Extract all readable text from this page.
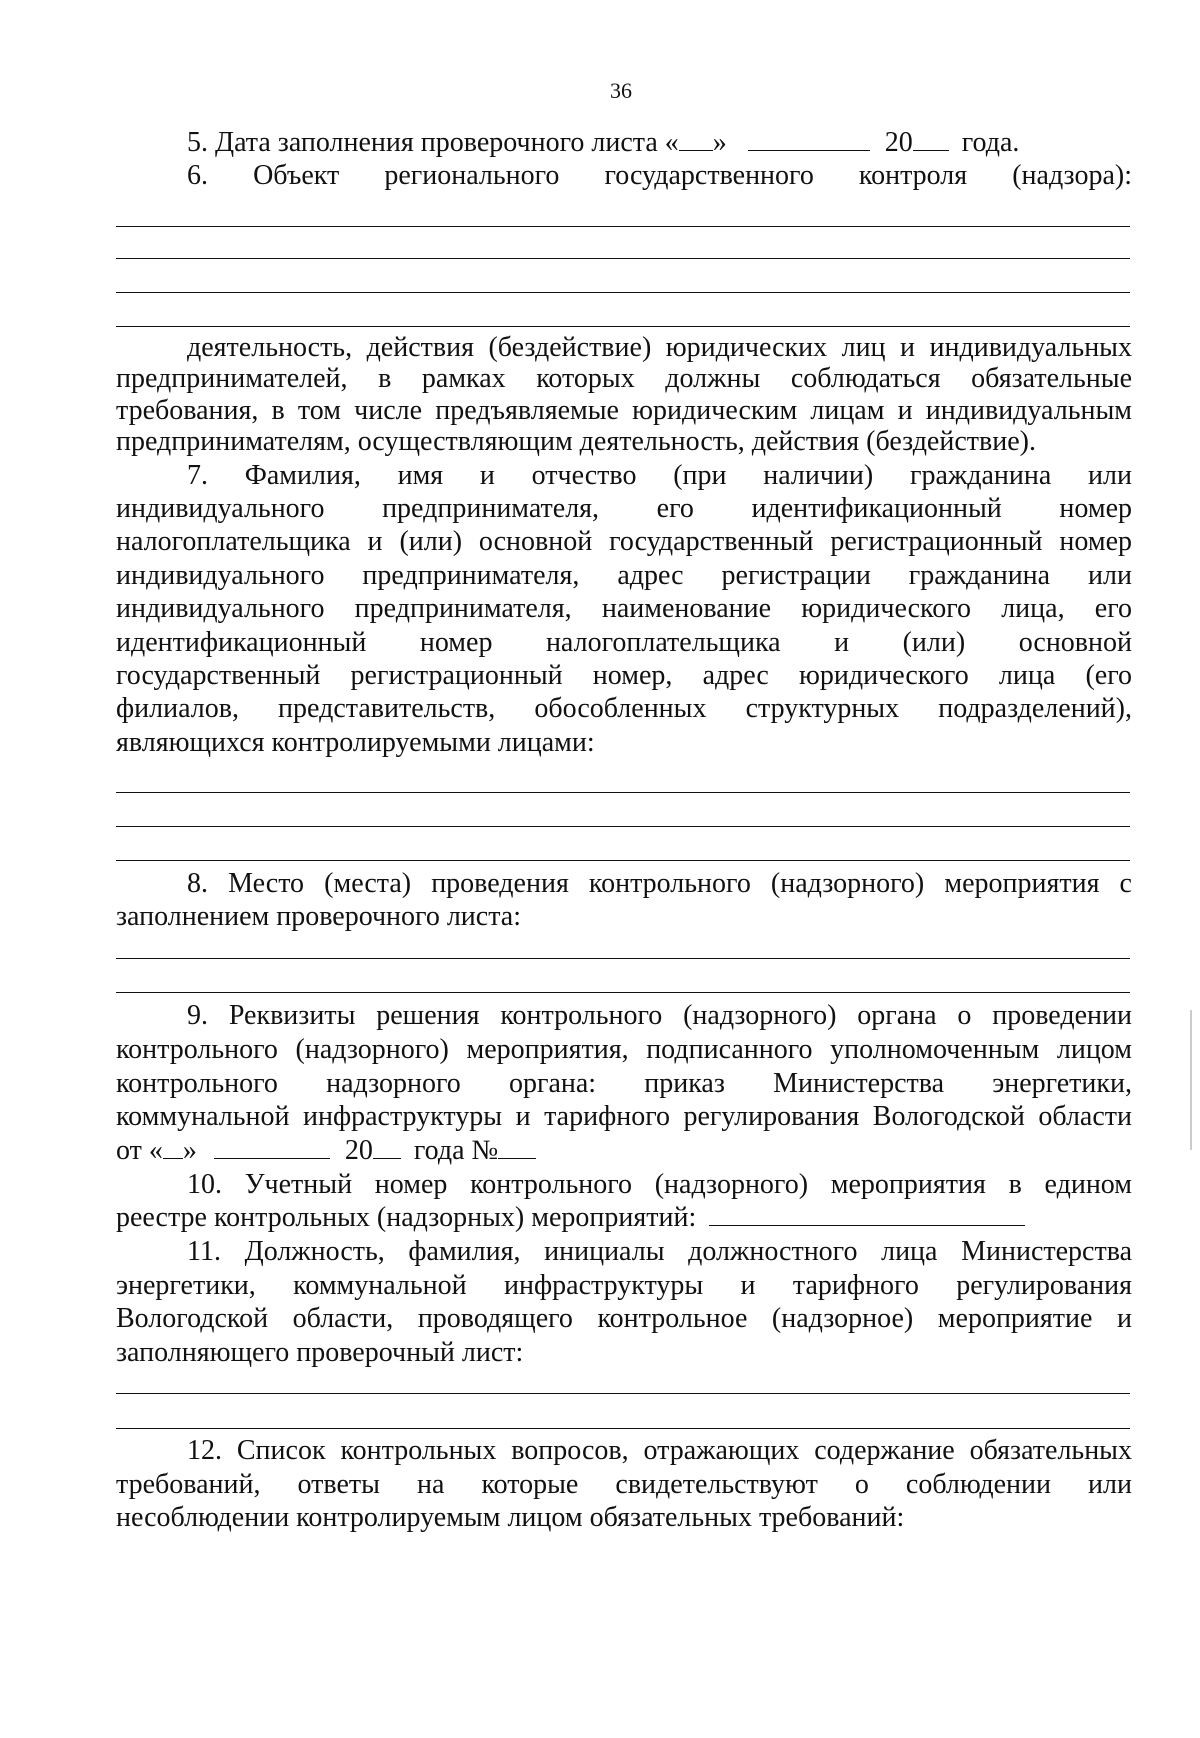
36
5. Дата заполнения проверочного листа « »	20 года.
6. Объект регионального государственного контроля (надзора):
деятельность, действия (бездействие) юридических лиц и индивидуальных
предпринимателей, в рамках которых должны соблюдаться обязательные
требования, в том числе предъявляемые юридическим лицам и индивидуальным
предпринимателям, осуществляющим деятельность, действия (бездействие).
7. Фамилия, имя и отчество (при наличии) гражданина или
индивидуального предпринимателя, его идентификационный номер
налогоплательщика и (или) основной государственный регистрационный номер
индивидуального предпринимателя, адрес регистрации гражданина или
индивидуального предпринимателя, наименование юридического лица, его
идентификационный номер налогоплательщика и (или) основной
государственный регистрационный номер, адрес юридического лица (его
филиалов, представительств, обособленных структурных подразделений),
являющихся контролируемыми лицами:
8. Место (места) проведения контрольного (надзорного) мероприятия с
заполнением проверочного листа:
9. Реквизиты решения контрольного (надзорного) органа о проведении
контрольного (надзорного) мероприятия, подписанного уполномоченным лицом
контрольного надзорного органа: приказ Министерства энергетики,
коммунальной инфраструктуры и тарифного регулирования Вологодской области
от « »	20 года №
10. Учетный номер контрольного (надзорного) мероприятия в едином
реестре контрольных (надзорных) мероприятий:
11. Должность, фамилия, инициалы должностного лица Министерства
энергетики, коммунальной инфраструктуры и тарифного регулирования
Вологодской области, проводящего контрольное (надзорное) мероприятие и
заполняющего проверочный лист:
12. Список контрольных вопросов, отражающих содержание обязательных
требований, ответы на которые свидетельствуют о соблюдении или
несоблюдении контролируемым лицом обязательных требований:
